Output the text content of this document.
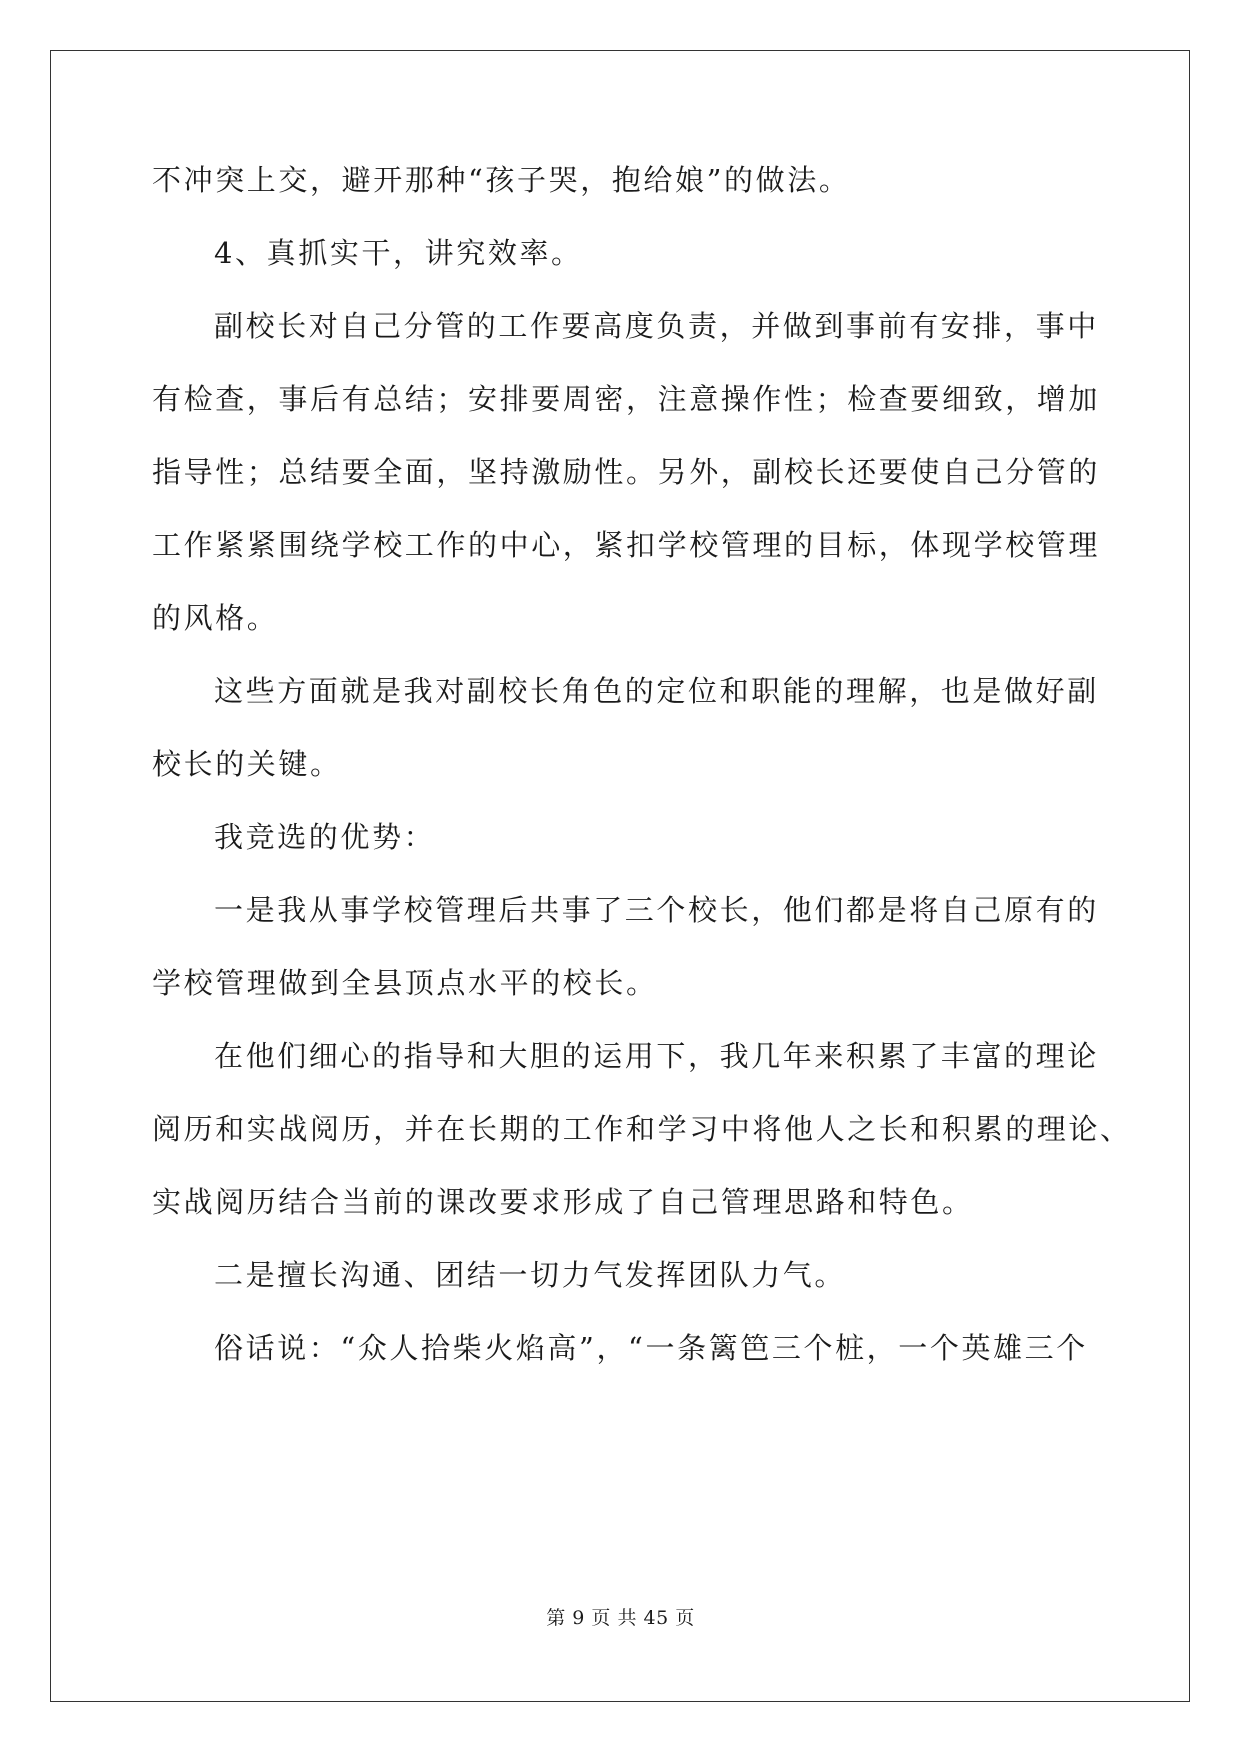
不冲突上交，避开那种“孩子哭，抱给娘”的做法。
4、真抓实干，讲究效率。
副校长对自己分管的工作要高度负责，并做到事前有安排，事中
有检查，事后有总结；安排要周密，注意操作性；检查要细致，增加
指导性；总结要全面，坚持激励性。另外，副校长还要使自己分管的
工作紧紧围绕学校工作的中心，紧扣学校管理的目标，体现学校管理
的风格。
这些方面就是我对副校长角色的定位和职能的理解，也是做好副
校长的关键。
我竞选的优势：
一是我从事学校管理后共事了三个校长，他们都是将自己原有的
学校管理做到全县顶点水平的校长。
在他们细心的指导和大胆的运用下，我几年来积累了丰富的理论
阅历和实战阅历，并在长期的工作和学习中将他人之长和积累的理论、
实战阅历结合当前的课改要求形成了自己管理思路和特色。
二是擅长沟通、团结一切力气发挥团队力气。
俗话说：“众人拾柴火焰高”，“一条篱笆三个桩，一个英雄三个
第 9 页 共 45 页
